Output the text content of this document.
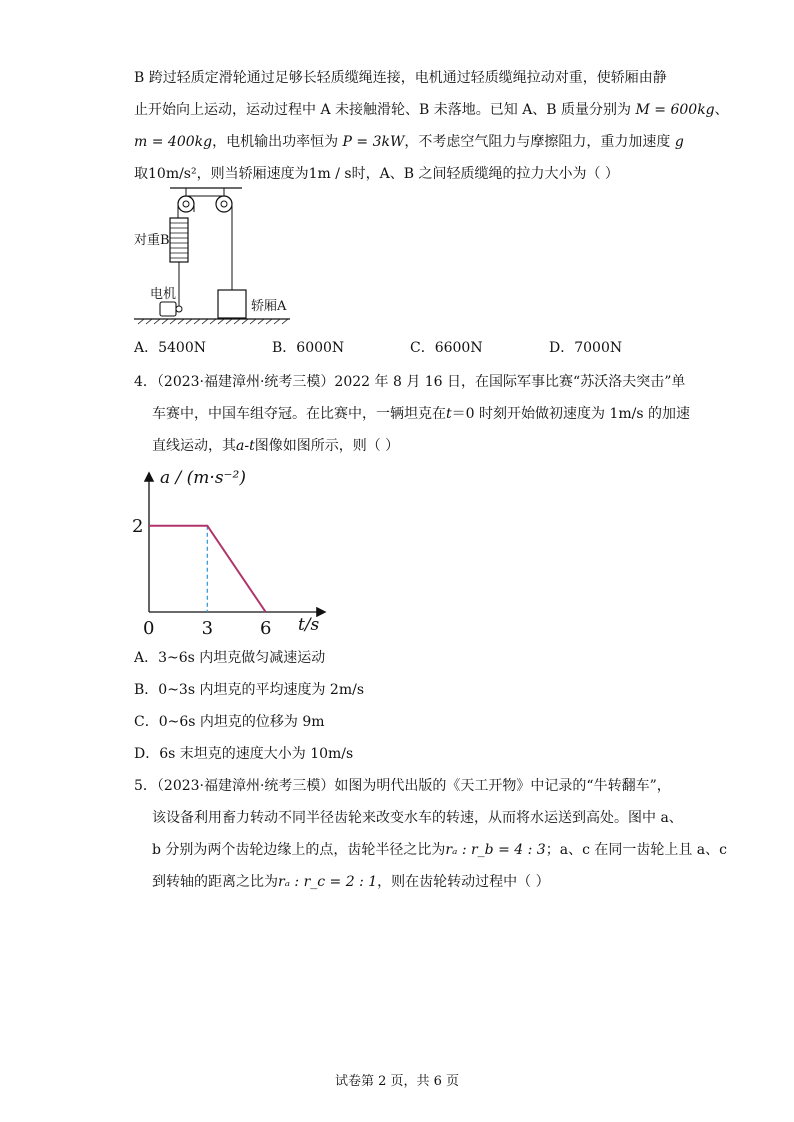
B 跨过轻质定滑轮通过足够长轻质缆绳连接，电机通过轻质缆绳拉动对重，使轿厢由静
止开始向上运动，运动过程中 A 未接触滑轮、B 未落地。已知 A、B 质量分别为 M = 600kg、
m = 400kg，电机输出功率恒为 P = 3kW，不考虑空气阻力与摩擦阻力，重力加速度 g
取10m/s²，则当轿厢速度为1m / s时，A、B 之间轻质缆绳的拉力大小为（ ）
对重B
轿厢A
电机
A．5400N	B．6000N	C．6600N	D．7000N
4．（2023·福建漳州·统考三模）2022 年 8 月 16 日，在国际军事比赛“苏沃洛夫突击”单
车赛中，中国车组夺冠。在比赛中，一辆坦克在t＝0 时刻开始做初速度为 1m/s 的加速
直线运动，其a-t图像如图所示，则（ ）
a / (m·s⁻²)
t/s
0	3	6
2
A．3~6s 内坦克做匀减速运动
B．0~3s 内坦克的平均速度为 2m/s
C．0~6s 内坦克的位移为 9m
D．6s 末坦克的速度大小为 10m/s
5．（2023·福建漳州·统考三模）如图为明代出版的《天工开物》中记录的“牛转翻车”，
该设备利用畜力转动不同半径齿轮来改变水车的转速，从而将水运送到高处。图中 a、
b 分别为两个齿轮边缘上的点，齿轮半径之比为rₐ : r_b = 4 : 3；a、c 在同一齿轮上且 a、c
到转轴的距离之比为rₐ : r_c = 2 : 1，则在齿轮转动过程中（ ）
试卷第 2 页，共 6 页
